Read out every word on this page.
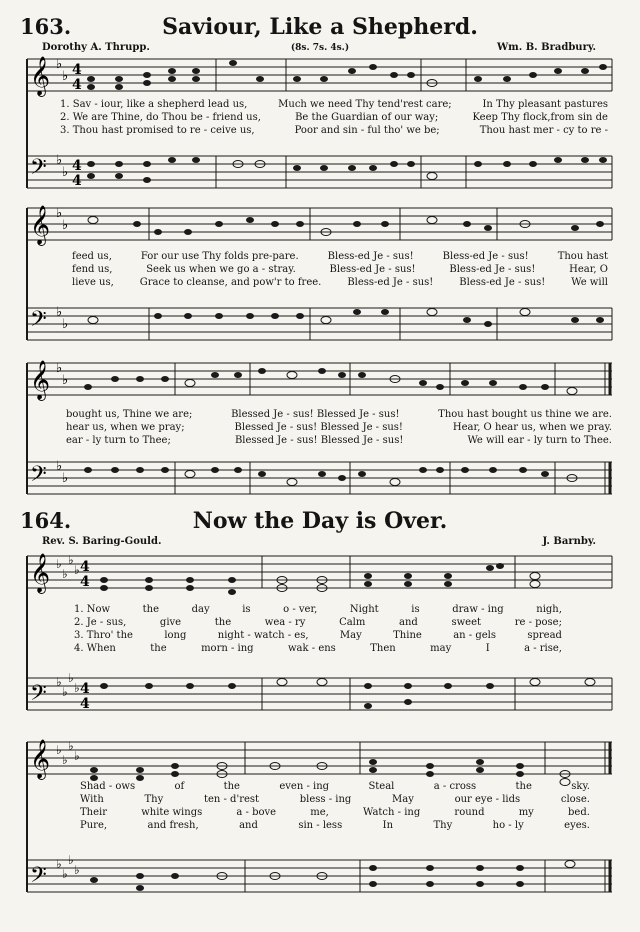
163.	Saviour, Like a Shepherd.
Dorothy A. Thrupp.	(8s. 7s. 4s.)	Wm. B. Bradbury.
𝄞
𝄢
♭
♭
♭
♭
4
4
4
4
1. Sav - iour, like a shepherd lead us,	Much we need Thy tend'rest care;	In Thy pleasant pastures
2. We are Thine, do Thou be - friend us,	Be the Guardian of our way;	Keep Thy flock,from sin de
3. Thou hast promised to re - ceive us,	Poor and sin - ful tho' we be;	Thou hast mer - cy to re -
𝄞
𝄢
♭
♭
♭
♭
feed us,	For our use Thy folds pre-pare.	Bless-ed Je - sus!	Bless-ed Je - sus!	Thou hast
fend us,	Seek us when we go a - stray.	Bless-ed Je - sus!	Bless-ed Je - sus!	Hear, O
lieve us,	Grace to cleanse, and pow'r to free.	Bless-ed Je - sus!	Bless-ed Je - sus!	We will
𝄞
𝄢
♭
♭
♭
♭
bought us, Thine we are;	Blessed Je - sus! Blessed Je - sus!	Thou hast bought us thine we are.
hear us, when we pray;	Blessed Je - sus! Blessed Je - sus!	Hear, O hear us, when we pray.
ear - ly turn to Thee;	Blessed Je - sus! Blessed Je - sus!	We will ear - ly turn to Thee.
164.	Now the Day is Over.
Rev. S. Baring-Gould.	J. Barnby.
𝄞
𝄢
♭
♭
♭
♭
♭
♭
♭
♭
4
4
4
4
1. Now	the	day	is	o - ver,	Night	is	draw - ing	nigh,
2. Je - sus,	give	the	wea - ry	Calm	and	sweet	re - pose;
3. Thro' the	long	night - watch - es,	May	Thine	an - gels	spread
4. When	the	morn - ing	wak - ens	Then	may	I	a - rise,
𝄞
𝄢
♭
♭
♭
♭
♭
♭
♭
♭
Shad - ows	of	the	even - ing	Steal	a - cross	the	sky.
With	Thy	ten - d'rest	bless - ing	May	our eye - lids	close.
Their	white wings	a - bove	me,	Watch - ing	round	my	bed.
Pure,	and fresh,	and	sin - less	In	Thy	ho - ly	eyes.
